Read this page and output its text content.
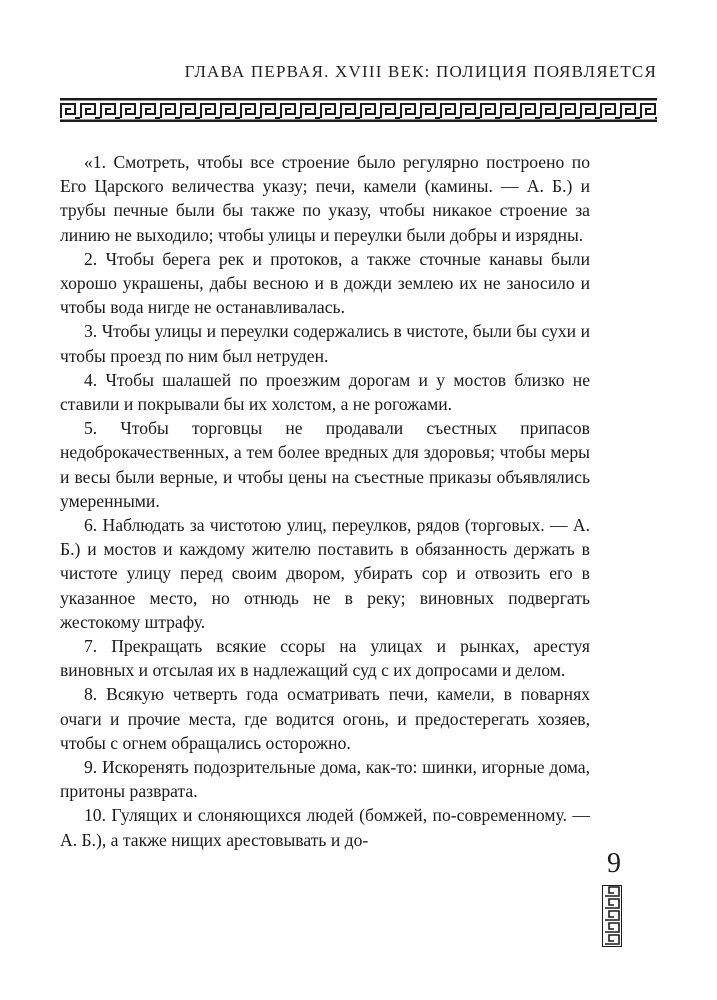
ГЛАВА ПЕРВАЯ. XVIII ВЕК: ПОЛИЦИЯ ПОЯВЛЯЕТСЯ

«1. Смотреть, чтобы все строение было регулярно построено по Его Царского величества указу; печи, камели (камины. — А. Б.) и трубы печные были бы также по указу, чтобы никакое строение за линию не выходило; чтобы улицы и переулки были добры и изрядны.

2. Чтобы берега рек и протоков, а также сточные канавы были хорошо украшены, дабы весною и в дожди землею их не заносило и чтобы вода нигде не останавливалась.

3. Чтобы улицы и переулки содержались в чистоте, были бы сухи и чтобы проезд по ним был нетруден.

4. Чтобы шалашей по проезжим дорогам и у мостов близко не ставили и покрывали бы их холстом, а не рогожами.

5. Чтобы торговцы не продавали съестных припасов недоброкачественных, а тем более вредных для здоровья; чтобы меры и весы были верные, и чтобы цены на съестные приказы объявлялись умеренными.

6. Наблюдать за чистотою улиц, переулков, рядов (торговых. — А. Б.) и мостов и каждому жителю поставить в обязанность держать в чистоте улицу перед своим двором, убирать сор и отвозить его в указанное место, но отнюдь не в реку; виновных подвергать жестокому штрафу.

7. Прекращать всякие ссоры на улицах и рынках, арестуя виновных и отсылая их в надлежащий суд с их допросами и делом.

8. Всякую четверть года осматривать печи, камели, в поварнях очаги и прочие места, где водится огонь, и предостерегать хозяев, чтобы с огнем обращались осторожно.

9. Искоренять подозрительные дома, как-то: шинки, игорные дома, притоны разврата.

10. Гулящих и слоняющихся людей (бомжей, по-современному. — А. Б.), а также нищих арестовывать и до-

9
